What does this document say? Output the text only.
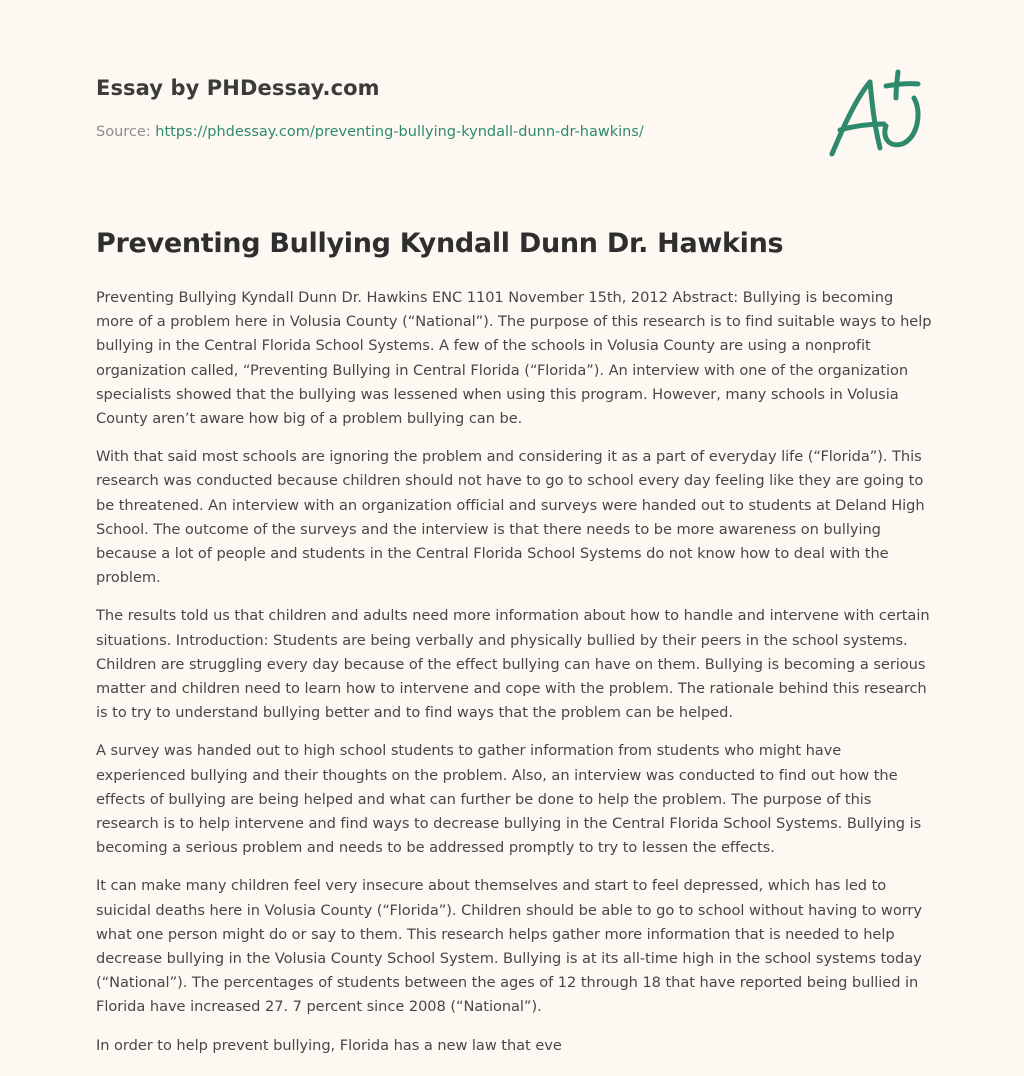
Essay by PHDessay.com
Source: https://phdessay.com/preventing-bullying-kyndall-dunn-dr-hawkins/
Preventing Bullying Kyndall Dunn Dr. Hawkins

Preventing Bullying Kyndall Dunn Dr. Hawkins ENC 1101 November 15th, 2012 Abstract: Bullying is becoming more of a problem here in Volusia County (“National”). The purpose of this research is to find suitable ways to help bullying in the Central Florida School Systems. A few of the schools in Volusia County are using a nonprofit organization called, “Preventing Bullying in Central Florida (“Florida”). An interview with one of the organization specialists showed that the bullying was lessened when using this program. However, many schools in Volusia County aren’t aware how big of a problem bullying can be.

With that said most schools are ignoring the problem and considering it as a part of everyday life (“Florida”). This research was conducted because children should not have to go to school every day feeling like they are going to be threatened. An interview with an organization official and surveys were handed out to students at Deland High School. The outcome of the surveys and the interview is that there needs to be more awareness on bullying because a lot of people and students in the Central Florida School Systems do not know how to deal with the problem.

The results told us that children and adults need more information about how to handle and intervene with certain situations. Introduction: Students are being verbally and physically bullied by their peers in the school systems. Children are struggling every day because of the effect bullying can have on them. Bullying is becoming a serious matter and children need to learn how to intervene and cope with the problem. The rationale behind this research is to try to understand bullying better and to find ways that the problem can be helped.

A survey was handed out to high school students to gather information from students who might have experienced bullying and their thoughts on the problem. Also, an interview was conducted to find out how the effects of bullying are being helped and what can further be done to help the problem. The purpose of this research is to help intervene and find ways to decrease bullying in the Central Florida School Systems. Bullying is becoming a serious problem and needs to be addressed promptly to try to lessen the effects.

It can make many children feel very insecure about themselves and start to feel depressed, which has led to suicidal deaths here in Volusia County (“Florida”). Children should be able to go to school without having to worry what one person might do or say to them. This research helps gather more information that is needed to help decrease bullying in the Volusia County School System. Bullying is at its all-time high in the school systems today (“National”). The percentages of students between the ages of 12 through 18 that have reported being bullied in Florida have increased 27. 7 percent since 2008 (“National”).

In order to help prevent bullying, Florida has a new law that eve
